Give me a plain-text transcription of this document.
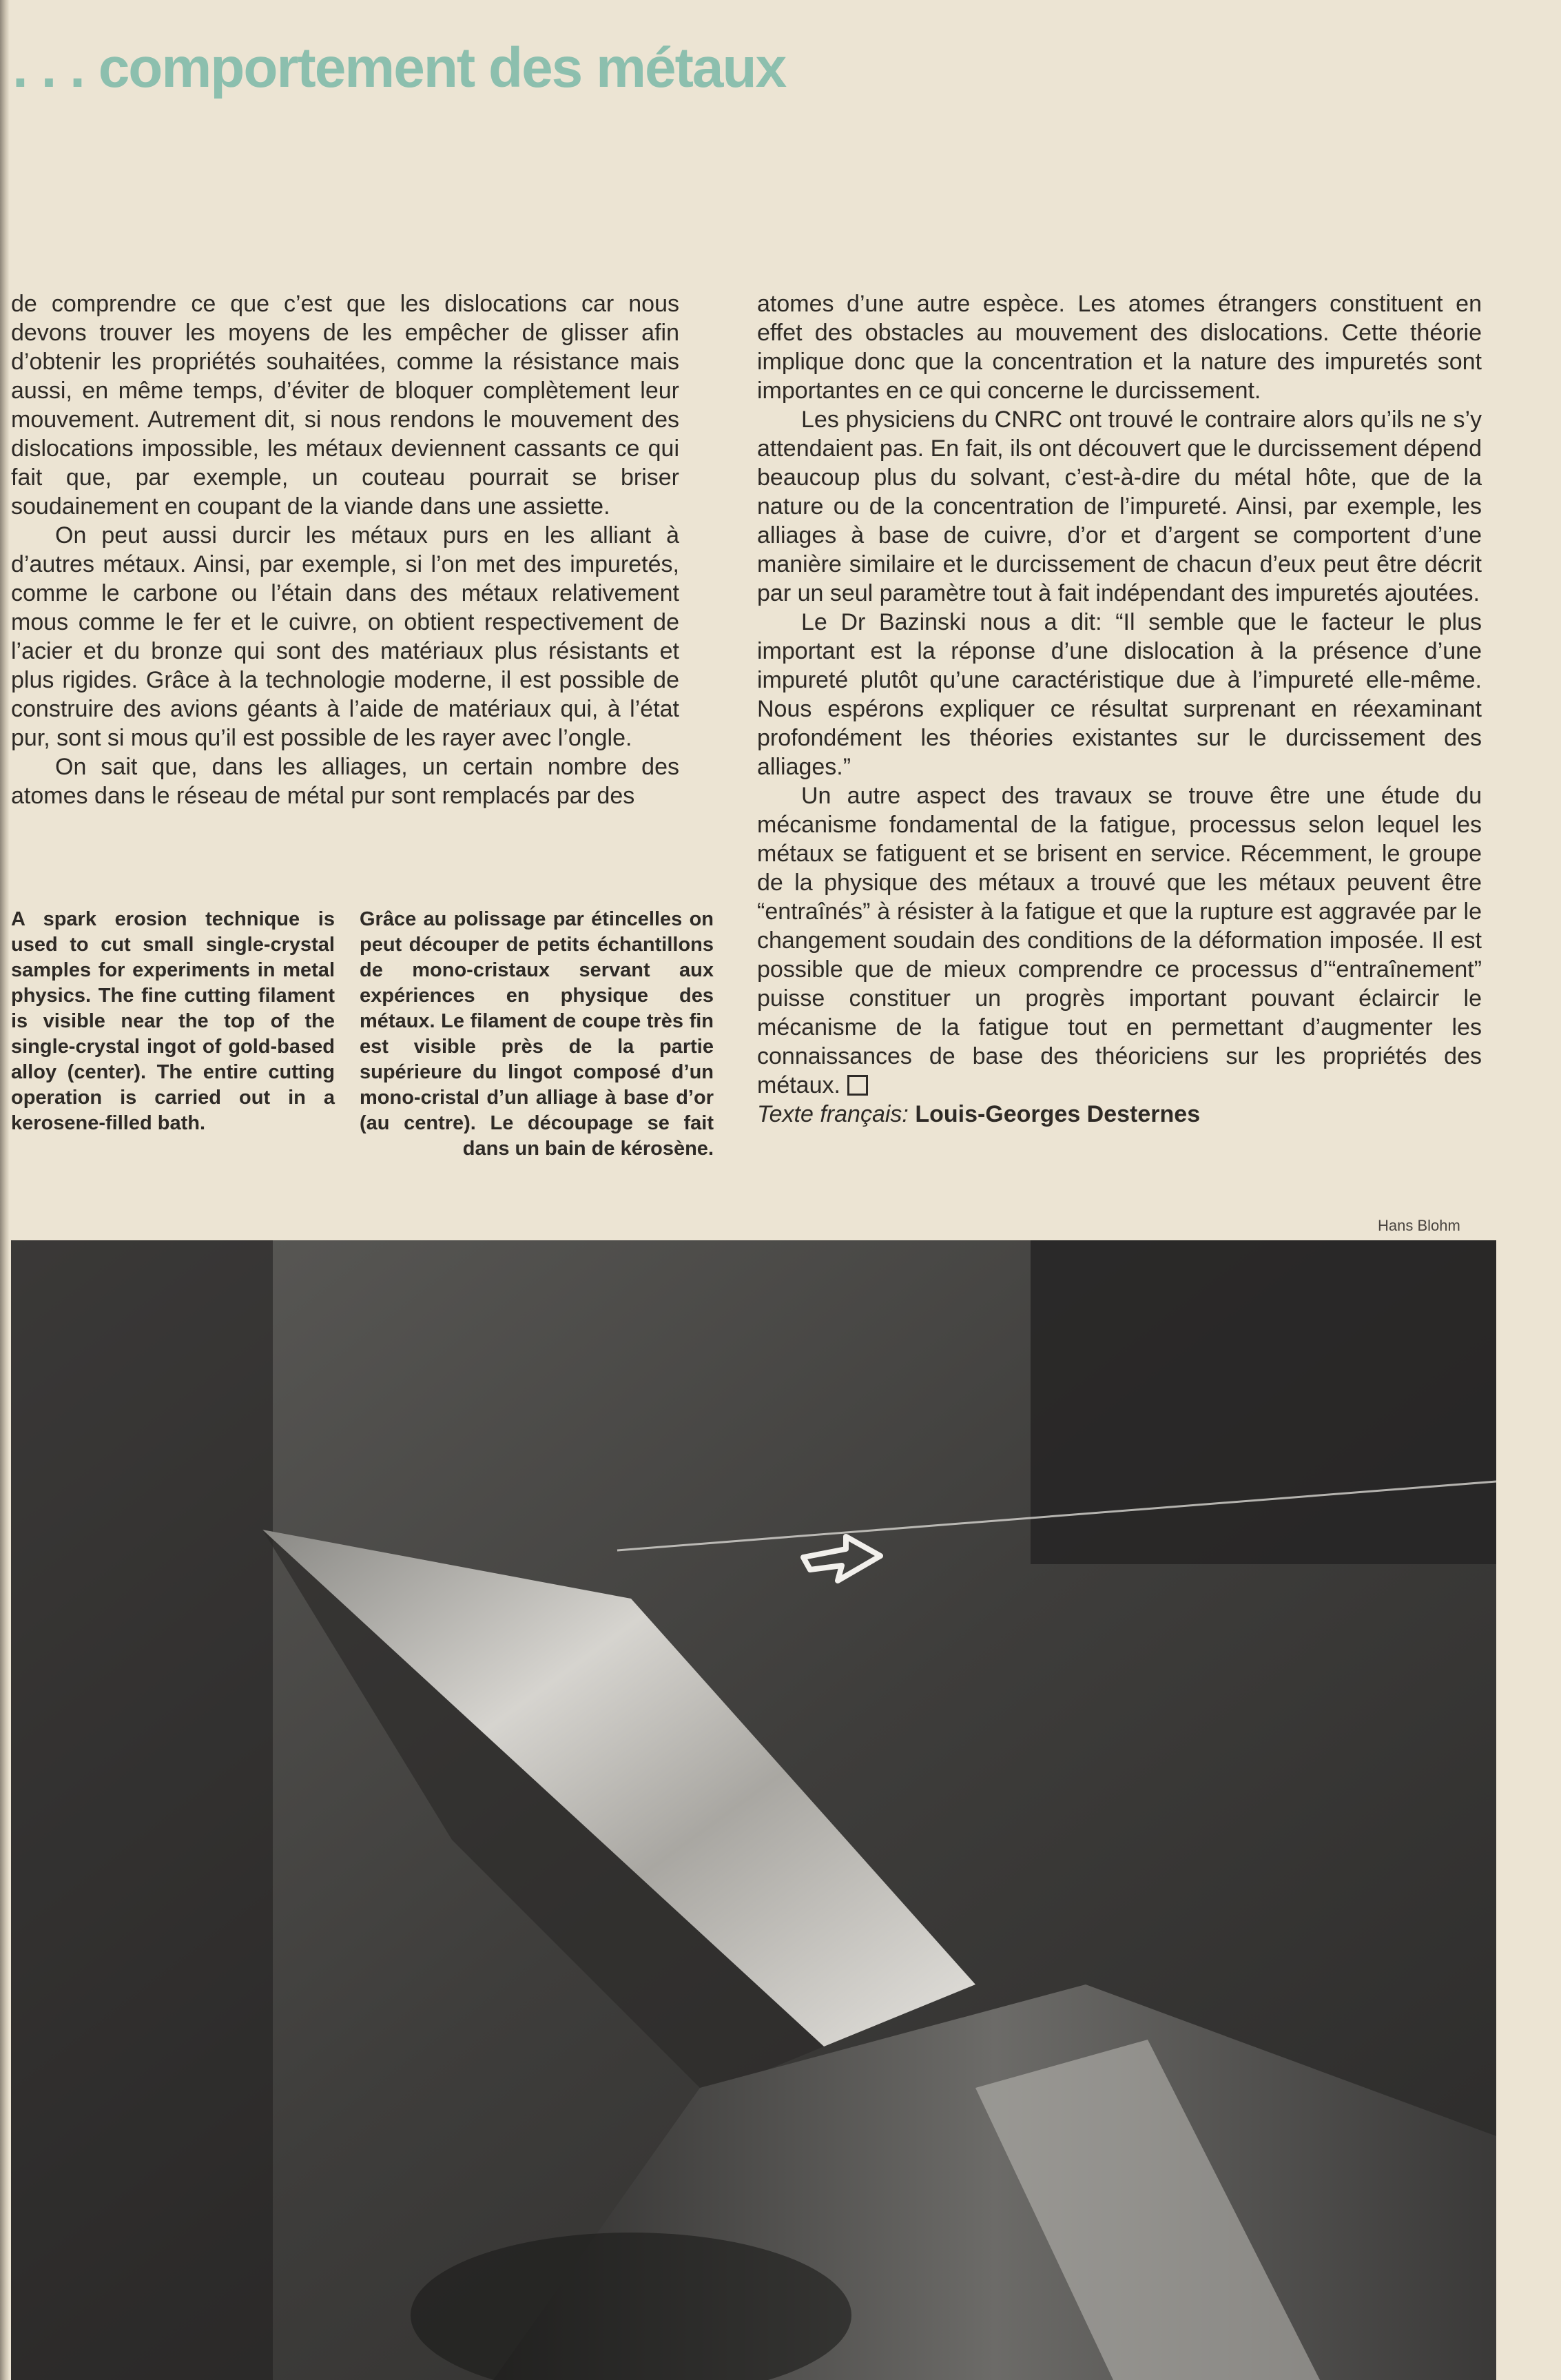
. . . comportement des métaux

de comprendre ce que c’est que les dislocations car nous devons trouver les moyens de les empêcher de glisser afin d’obtenir les propriétés souhaitées, comme la résistance mais aussi, en même temps, d’éviter de bloquer complètement leur mouvement. Autrement dit, si nous rendons le mouvement des dislocations impossible, les métaux deviennent cassants ce qui fait que, par exemple, un couteau pourrait se briser soudainement en coupant de la viande dans une assiette.

On peut aussi durcir les métaux purs en les alliant à d’autres métaux. Ainsi, par exemple, si l’on met des impuretés, comme le carbone ou l’étain dans des métaux relativement mous comme le fer et le cuivre, on obtient respectivement de l’acier et du bronze qui sont des matériaux plus résistants et plus rigides. Grâce à la technologie moderne, il est possible de construire des avions géants à l’aide de matériaux qui, à l’état pur, sont si mous qu’il est possible de les rayer avec l’ongle.

On sait que, dans les alliages, un certain nombre des atomes dans le réseau de métal pur sont remplacés par des

atomes d’une autre espèce. Les atomes étrangers constituent en effet des obstacles au mouvement des dislocations. Cette théorie implique donc que la concentration et la nature des impuretés sont importantes en ce qui concerne le durcissement.

Les physiciens du CNRC ont trouvé le contraire alors qu’ils ne s’y attendaient pas. En fait, ils ont découvert que le durcissement dépend beaucoup plus du solvant, c’est-à-dire du métal hôte, que de la nature ou de la concentration de l’impureté. Ainsi, par exemple, les alliages à base de cuivre, d’or et d’argent se comportent d’une manière similaire et le durcissement de chacun d’eux peut être décrit par un seul paramètre tout à fait indépendant des impuretés ajoutées.

Le Dr Bazinski nous a dit: “Il semble que le facteur le plus important est la réponse d’une dislocation à la présence d’une impureté plutôt qu’une caractéristique due à l’impureté elle-même. Nous espérons expliquer ce résultat surprenant en réexaminant profondément les théories existantes sur le durcissement des alliages.”

Un autre aspect des travaux se trouve être une étude du mécanisme fondamental de la fatigue, processus selon lequel les métaux se fatiguent et se brisent en service. Récemment, le groupe de la physique des métaux a trouvé que les métaux peuvent être “entraînés” à résister à la fatigue et que la rupture est aggravée par le changement soudain des conditions de la déformation imposée. Il est possible que de mieux comprendre ce processus d’“entraînement” puisse constituer un progrès important pouvant éclaircir le mécanisme de la fatigue tout en permettant d’augmenter les connaissances de base des théoriciens sur les propriétés des métaux.

Texte français: Louis-Georges Desternes

A spark erosion technique is used to cut small single-crystal samples for experiments in metal physics. The fine cutting filament is visible near the top of the single-crystal ingot of gold-based alloy (center). The entire cutting operation is carried out in a kerosene-filled bath.

Grâce au polissage par étincelles on peut découper de petits échantillons de mono-cristaux servant aux expériences en physique des métaux. Le filament de coupe très fin est visible près de la partie supérieure du lingot composé d’un mono-cristal d’un alliage à base d’or (au centre). Le découpage se fait dans un bain de kérosène.

Hans Blohm
